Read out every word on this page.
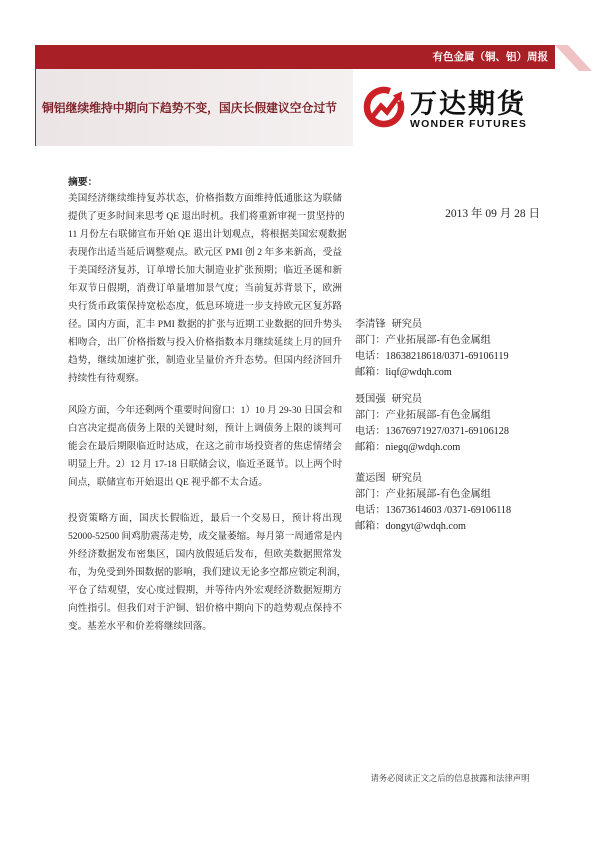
有色金属（铜、铝）周报
铜铝继续维持中期向下趋势不变，国庆长假建议空仓过节	万达期货
WONDER FUTURES
摘要：
美国经济继续维持复苏状态，价格指数方面维持低通胀这为联储
提供了更多时间来思考 QE 退出时机。我们将重新审视一贯坚持的
11 月份左右联储宣布开始 QE 退出计划观点，将根据美国宏观数据
表现作出适当延后调整观点。欧元区 PMI 创 2 年多来新高，受益
于美国经济复苏，订单增长加大制造业扩张预期；临近圣诞和新
年双节日假期，消费订单量增加景气度；当前复苏背景下，欧洲
央行货币政策保持宽松态度，低息环境进一步支持欧元区复苏路
径。国内方面，汇丰 PMI 数据的扩张与近期工业数据的回升势头
相吻合，出厂价格指数与投入价格指数本月继续延续上月的回升
趋势，继续加速扩张，制造业呈量价齐升态势。但国内经济回升
持续性有待观察。
风险方面，今年还剩两个重要时间窗口：1）10 月 29-30 日国会和
白宫决定提高债务上限的关键时刻，预计上调债务上限的谈判可
能会在最后期限临近时达成，在这之前市场投资者的焦虑情绪会
明显上升。2）12 月 17-18 日联储会议，临近圣诞节。以上两个时
间点，联储宣布开始退出 QE 视乎都不太合适。
投资策略方面，国庆长假临近，最后一个交易日，预计将出现
52000-52500 间鸡肋震荡走势，成交量萎缩。每月第一周通常是内
外经济数据发布密集区，国内放假延后发布，但欧美数据照常发
布，为免受到外围数据的影响，我们建议无论多空都应锁定利润，
平仓了结观望，安心度过假期，并等待内外宏观经济数据短期方
向性指引。但我们对于沪铜、铝价格中期向下的趋势观点保持不
变。基差水平和价差将继续回落。
2013 年 09 月 28 日
李清锋 研究员
部门：产业拓展部-有色金属组
电话：18638218618/0371-69106119
邮箱：liqf@wdqh.com
聂国强 研究员
部门：产业拓展部-有色金属组
电话：13676971927/0371-69106128
邮箱：niegq@wdqh.com
董运图 研究员
部门：产业拓展部-有色金属组
电话：13673614603 /0371-69106118
邮箱：dongyt@wdqh.com
请务必阅读正文之后的信息披露和法律声明
